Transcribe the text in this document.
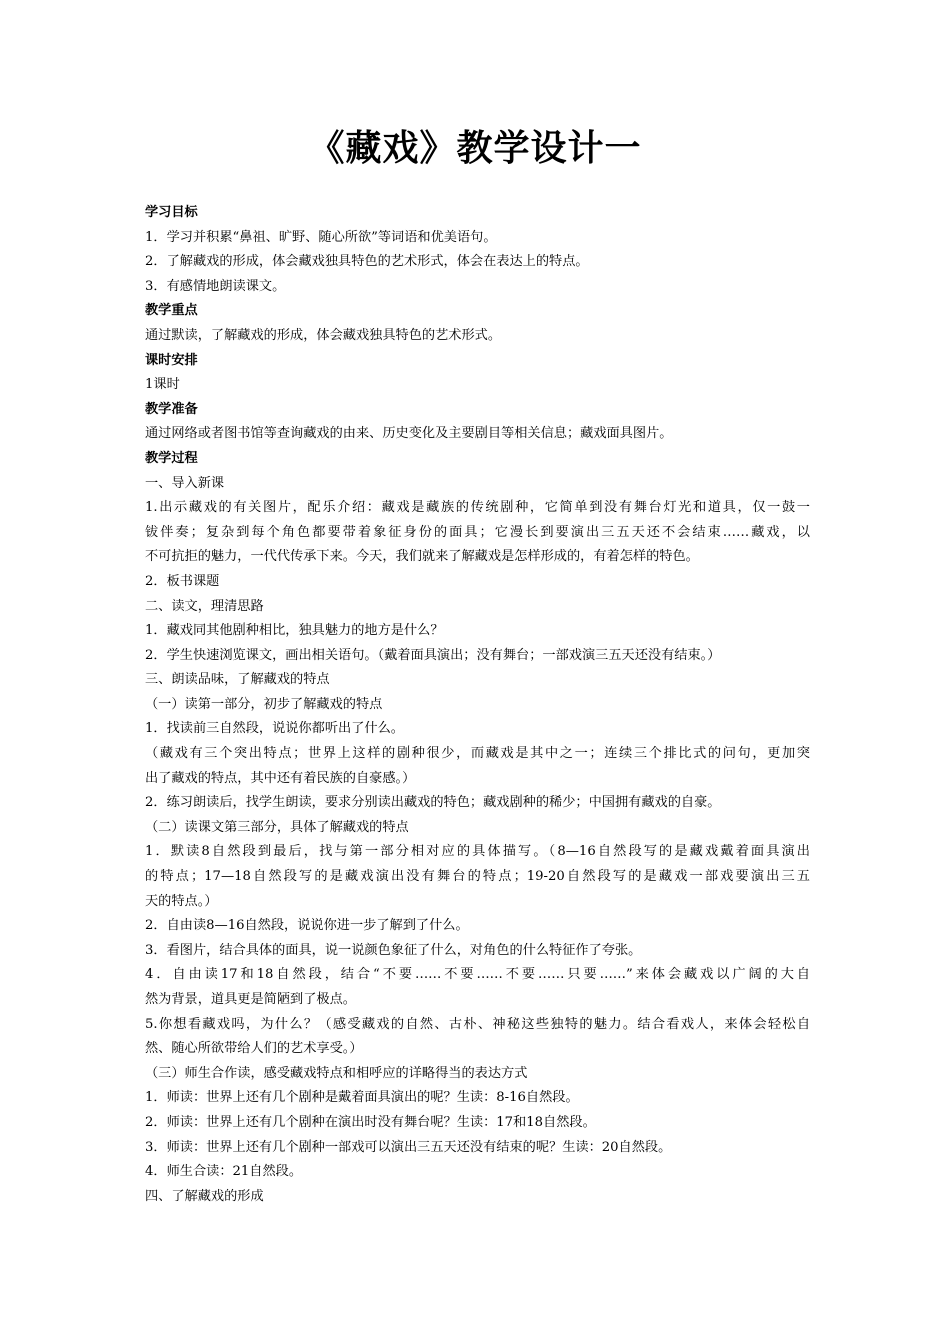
《藏戏》教学设计一
学习目标
1．学习并积累“鼻祖、旷野、随心所欲”等词语和优美语句。
2．了解藏戏的形成，体会藏戏独具特色的艺术形式，体会在表达上的特点。
3．有感情地朗读课文。
教学重点
通过默读，了解藏戏的形成，体会藏戏独具特色的艺术形式。
课时安排
1课时
教学准备
通过网络或者图书馆等查询藏戏的由来、历史变化及主要剧目等相关信息；藏戏面具图片。
教学过程
一、导入新课
1.出示藏戏的有关图片，配乐介绍：藏戏是藏族的传统剧种，它简单到没有舞台灯光和道具，仅一鼓一
钹伴奏；复杂到每个角色都要带着象征身份的面具；它漫长到要演出三五天还不会结束……藏戏，以
不可抗拒的魅力，一代代传承下来。今天，我们就来了解藏戏是怎样形成的，有着怎样的特色。
2．板书课题
二、读文，理清思路
1．藏戏同其他剧种相比，独具魅力的地方是什么？
2．学生快速浏览课文，画出相关语句。（戴着面具演出；没有舞台；一部戏演三五天还没有结束。）
三、朗读品味，了解藏戏的特点
（一）读第一部分，初步了解藏戏的特点
1．找读前三自然段，说说你都听出了什么。
（藏戏有三个突出特点；世界上这样的剧种很少，而藏戏是其中之一；连续三个排比式的问句，更加突
出了藏戏的特点，其中还有着民族的自豪感。）
2．练习朗读后，找学生朗读，要求分别读出藏戏的特色；藏戏剧种的稀少；中国拥有藏戏的自豪。
（二）读课文第三部分，具体了解藏戏的特点
1．默读8自然段到最后，找与第一部分相对应的具体描写。（8—16自然段写的是藏戏戴着面具演出
的特点；17—18自然段写的是藏戏演出没有舞台的特点；19-20自然段写的是藏戏一部戏要演出三五
天的特点。）
2．自由读8—16自然段，说说你进一步了解到了什么。
3．看图片，结合具体的面具，说一说颜色象征了什么，对角色的什么特征作了夸张。
4．自由读17和18自然段，结合“不要……不要……不要……只要……”来体会藏戏以广阔的大自
然为背景，道具更是简陋到了极点。
5.你想看藏戏吗，为什么？（感受藏戏的自然、古朴、神秘这些独特的魅力。结合看戏人，来体会轻松自
然、随心所欲带给人们的艺术享受。）
（三）师生合作读，感受藏戏特点和相呼应的详略得当的表达方式
1．师读：世界上还有几个剧种是戴着面具演出的呢？生读：8-16自然段。
2．师读：世界上还有几个剧种在演出时没有舞台呢？生读：17和18自然段。
3．师读：世界上还有几个剧种一部戏可以演出三五天还没有结束的呢？生读：20自然段。
4．师生合读：21自然段。
四、了解藏戏的形成
